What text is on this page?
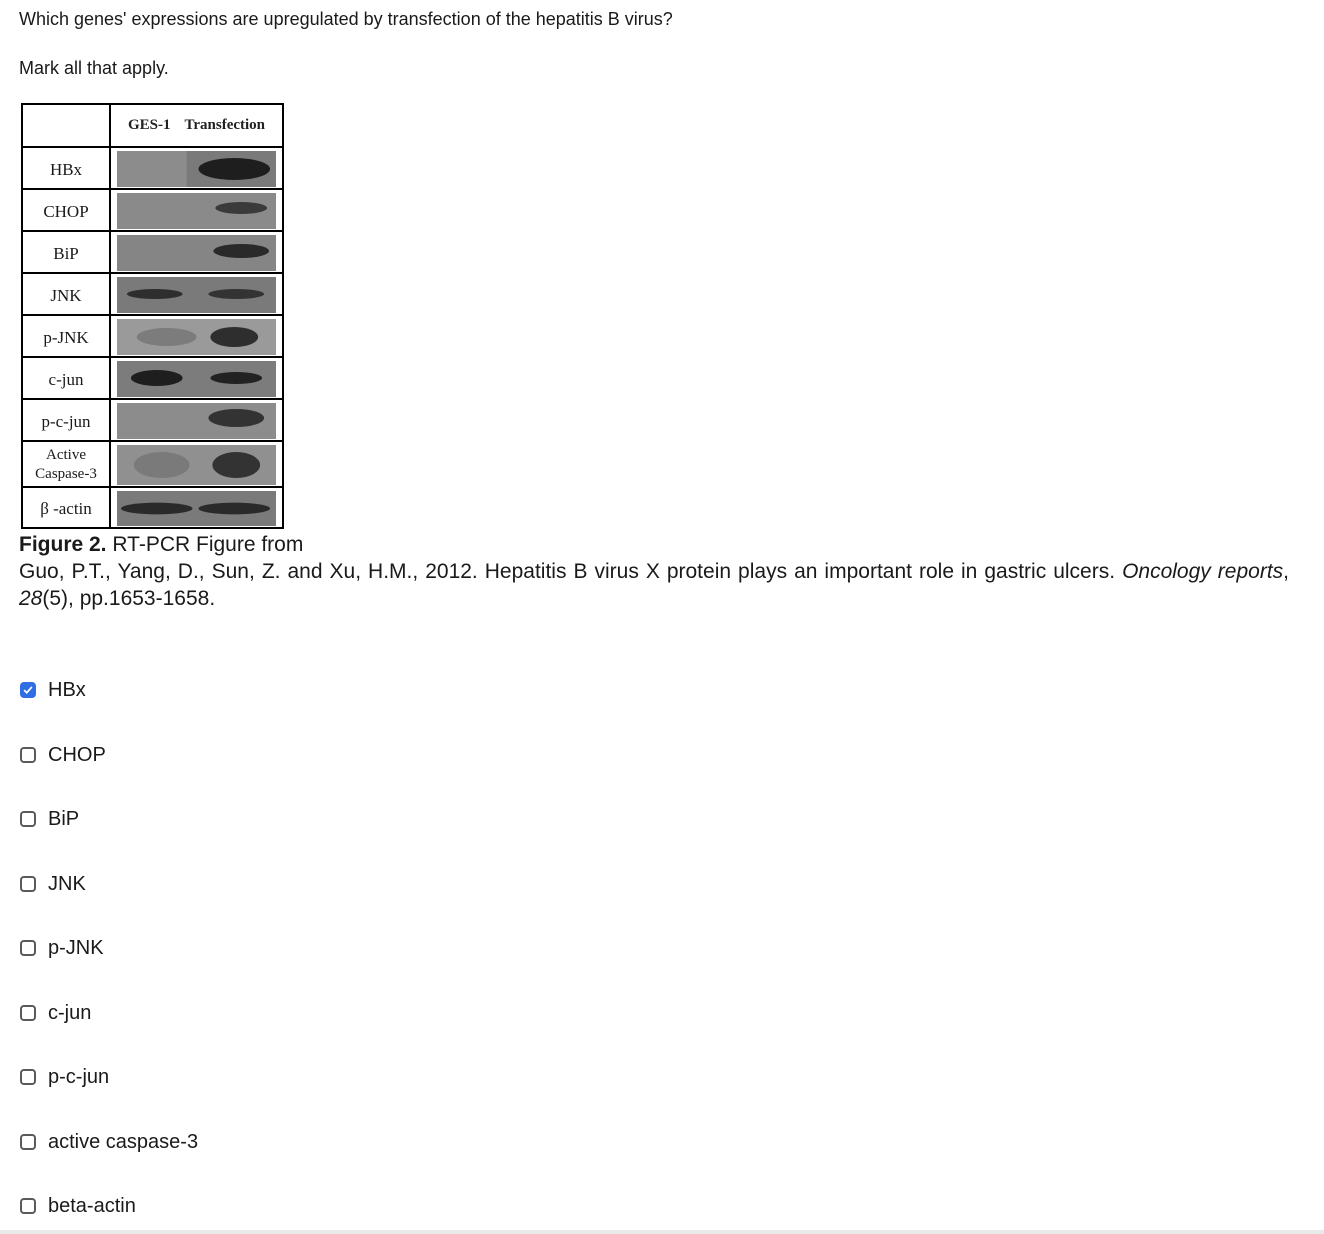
Which genes' expressions are upregulated by transfection of the hepatitis B virus?
Mark all that apply.
GES-1 Transfection
HBx
CHOP
BiP
JNK
p-JNK
c-jun
p-c-jun
Active
Caspase-3
β -actin
Figure 2. RT-PCR Figure from
Guo, P.T., Yang, D., Sun, Z. and Xu, H.M., 2012. Hepatitis B virus X protein plays an important role in gastric ulcers. Oncology reports, 28(5), pp.1653-1658.
HBx
CHOP
BiP
JNK
p-JNK
c-jun
p-c-jun
active caspase-3
beta-actin
